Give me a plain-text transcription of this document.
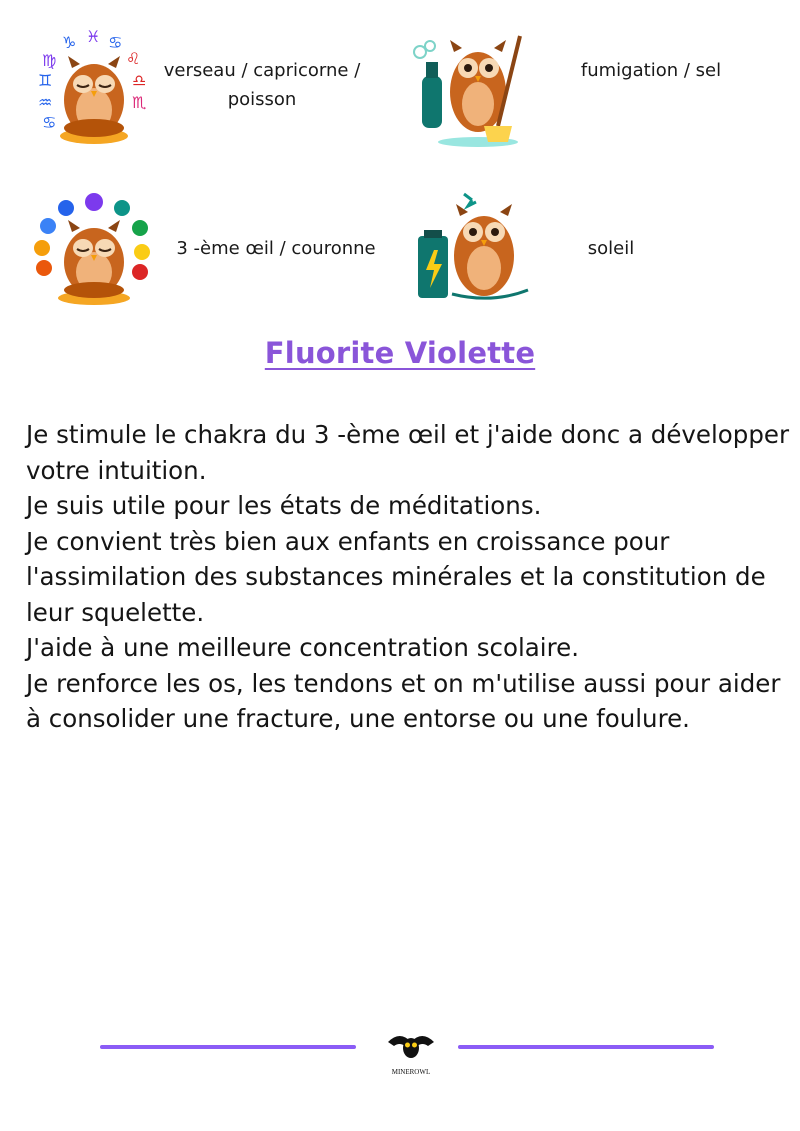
♍
♑ ♓ ♋
♊
♌
♒
♎
♋
♏
verseau / capricorne /
poisson
fumigation / sel
3 -ème œil / couronne	soleil
Fluorite Violette

Je stimule le chakra du 3 -ème œil et j'aide donc a développer votre intuition.

Je suis utile pour les états de méditations.

Je convient très bien aux enfants en croissance pour l'assimilation des substances minérales et la constitution de leur squelette.

J'aide à une meilleure concentration scolaire.

Je renforce les os, les tendons et on m'utilise aussi pour aider à consolider une fracture, une entorse ou une foulure.

MINEROWL
